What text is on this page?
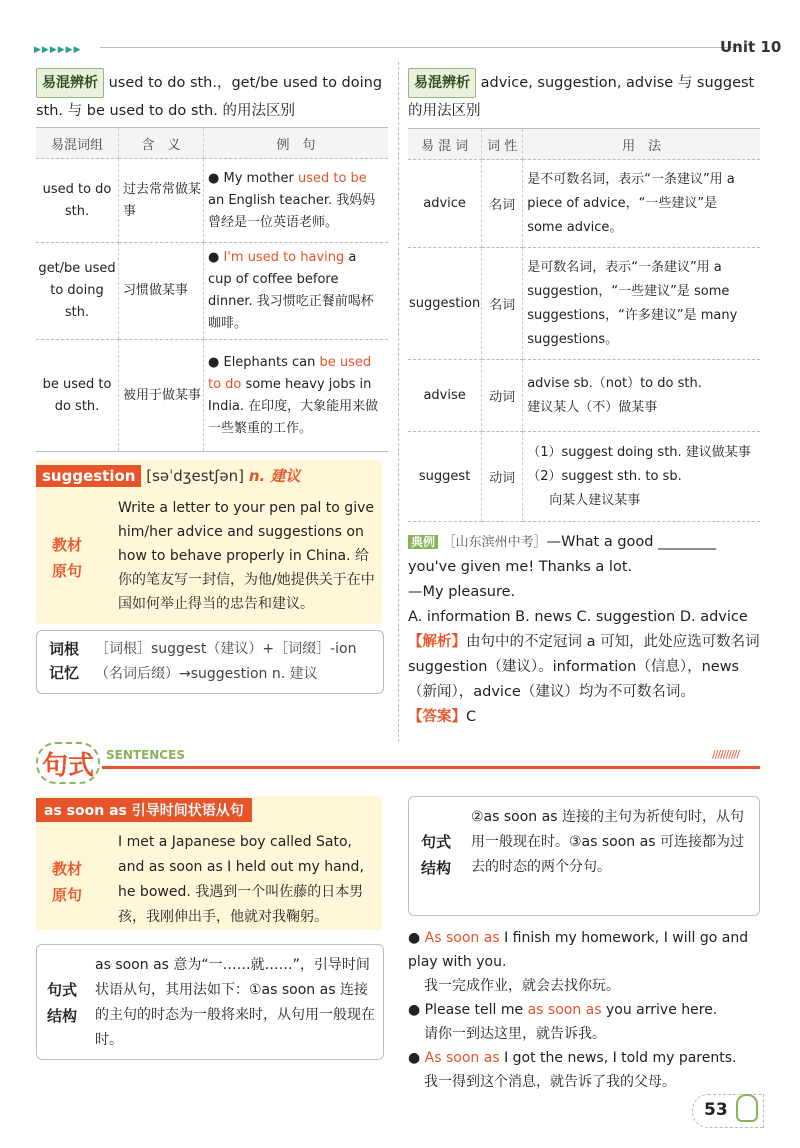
▶▶▶▶▶▶	Unit 10
易混辨析 used to do sth.，get/be used to doing sth. 与 be used to do sth. 的用法区别
易混词组	含　义	例　句
used to do sth.	过去常常做某事	● My mother used to be an English teacher. 我妈妈曾经是一位英语老师。
get/be used to doing sth.	习惯做某事	● I'm used to having a cup of coffee before dinner. 我习惯吃正餐前喝杯咖啡。
be used to do sth.	被用于做某事	● Elephants can be used to do some heavy jobs in India. 在印度，大象能用来做一些繁重的工作。
易混辨析 advice, suggestion, advise 与 suggest 的用法区别
易 混 词	词 性	用　法
advice	名词	是不可数名词，表示“一条建议”用 a piece of advice，“一些建议”是 some advice。
suggestion	名词	是可数名词，表示“一条建议”用 a suggestion，“一些建议”是 some suggestions，“许多建议”是 many suggestions。
advise	动词	advise sb.（not）to do sth.
建议某人（不）做某事

suggest	动词	（1）suggest doing sth. 建议做某事
（2）suggest sth. to sb.
向某人建议某事
suggestion [səˈdʒestʃən] n. 建议
教材原句
Write a letter to your pen pal to give him/her advice and suggestions on how to behave properly in China. 给你的笔友写一封信，为他/她提供关于在中国如何举止得当的忠告和建议。
词根记忆
［词根］suggest（建议）+［词缀］-ion（名词后缀）→suggestion n. 建议
典例 ［山东滨州中考］—What a good ________
you've given me! Thanks a lot.
—My pleasure.
A. information B. news C. suggestion D. advice
【解析】由句中的不定冠词 a 可知，此处应选可数名词 suggestion（建议）。information（信息），news（新闻），advice（建议）均为不可数名词。
【答案】C
句式 SENTENCES	//////////
as soon as 引导时间状语从句
教材原句
I met a Japanese boy called Sato, and as soon as I held out my hand, he bowed. 我遇到一个叫佐藤的日本男孩，我刚伸出手，他就对我鞠躬。
句式结构
as soon as 意为“一……就……”，引导时间状语从句，其用法如下：①as soon as 连接的主句的时态为一般将来时，从句用一般现在时。
句式结构
②as soon as 连接的主句为祈使句时，从句用一般现在时。③as soon as 可连接都为过去的时态的两个分句。
● As soon as I finish my homework, I will go and play with you.
我一完成作业，就会去找你玩。
● Please tell me as soon as you arrive here.
请你一到达这里，就告诉我。
● As soon as I got the news, I told my parents.
我一得到这个消息，就告诉了我的父母。
53
